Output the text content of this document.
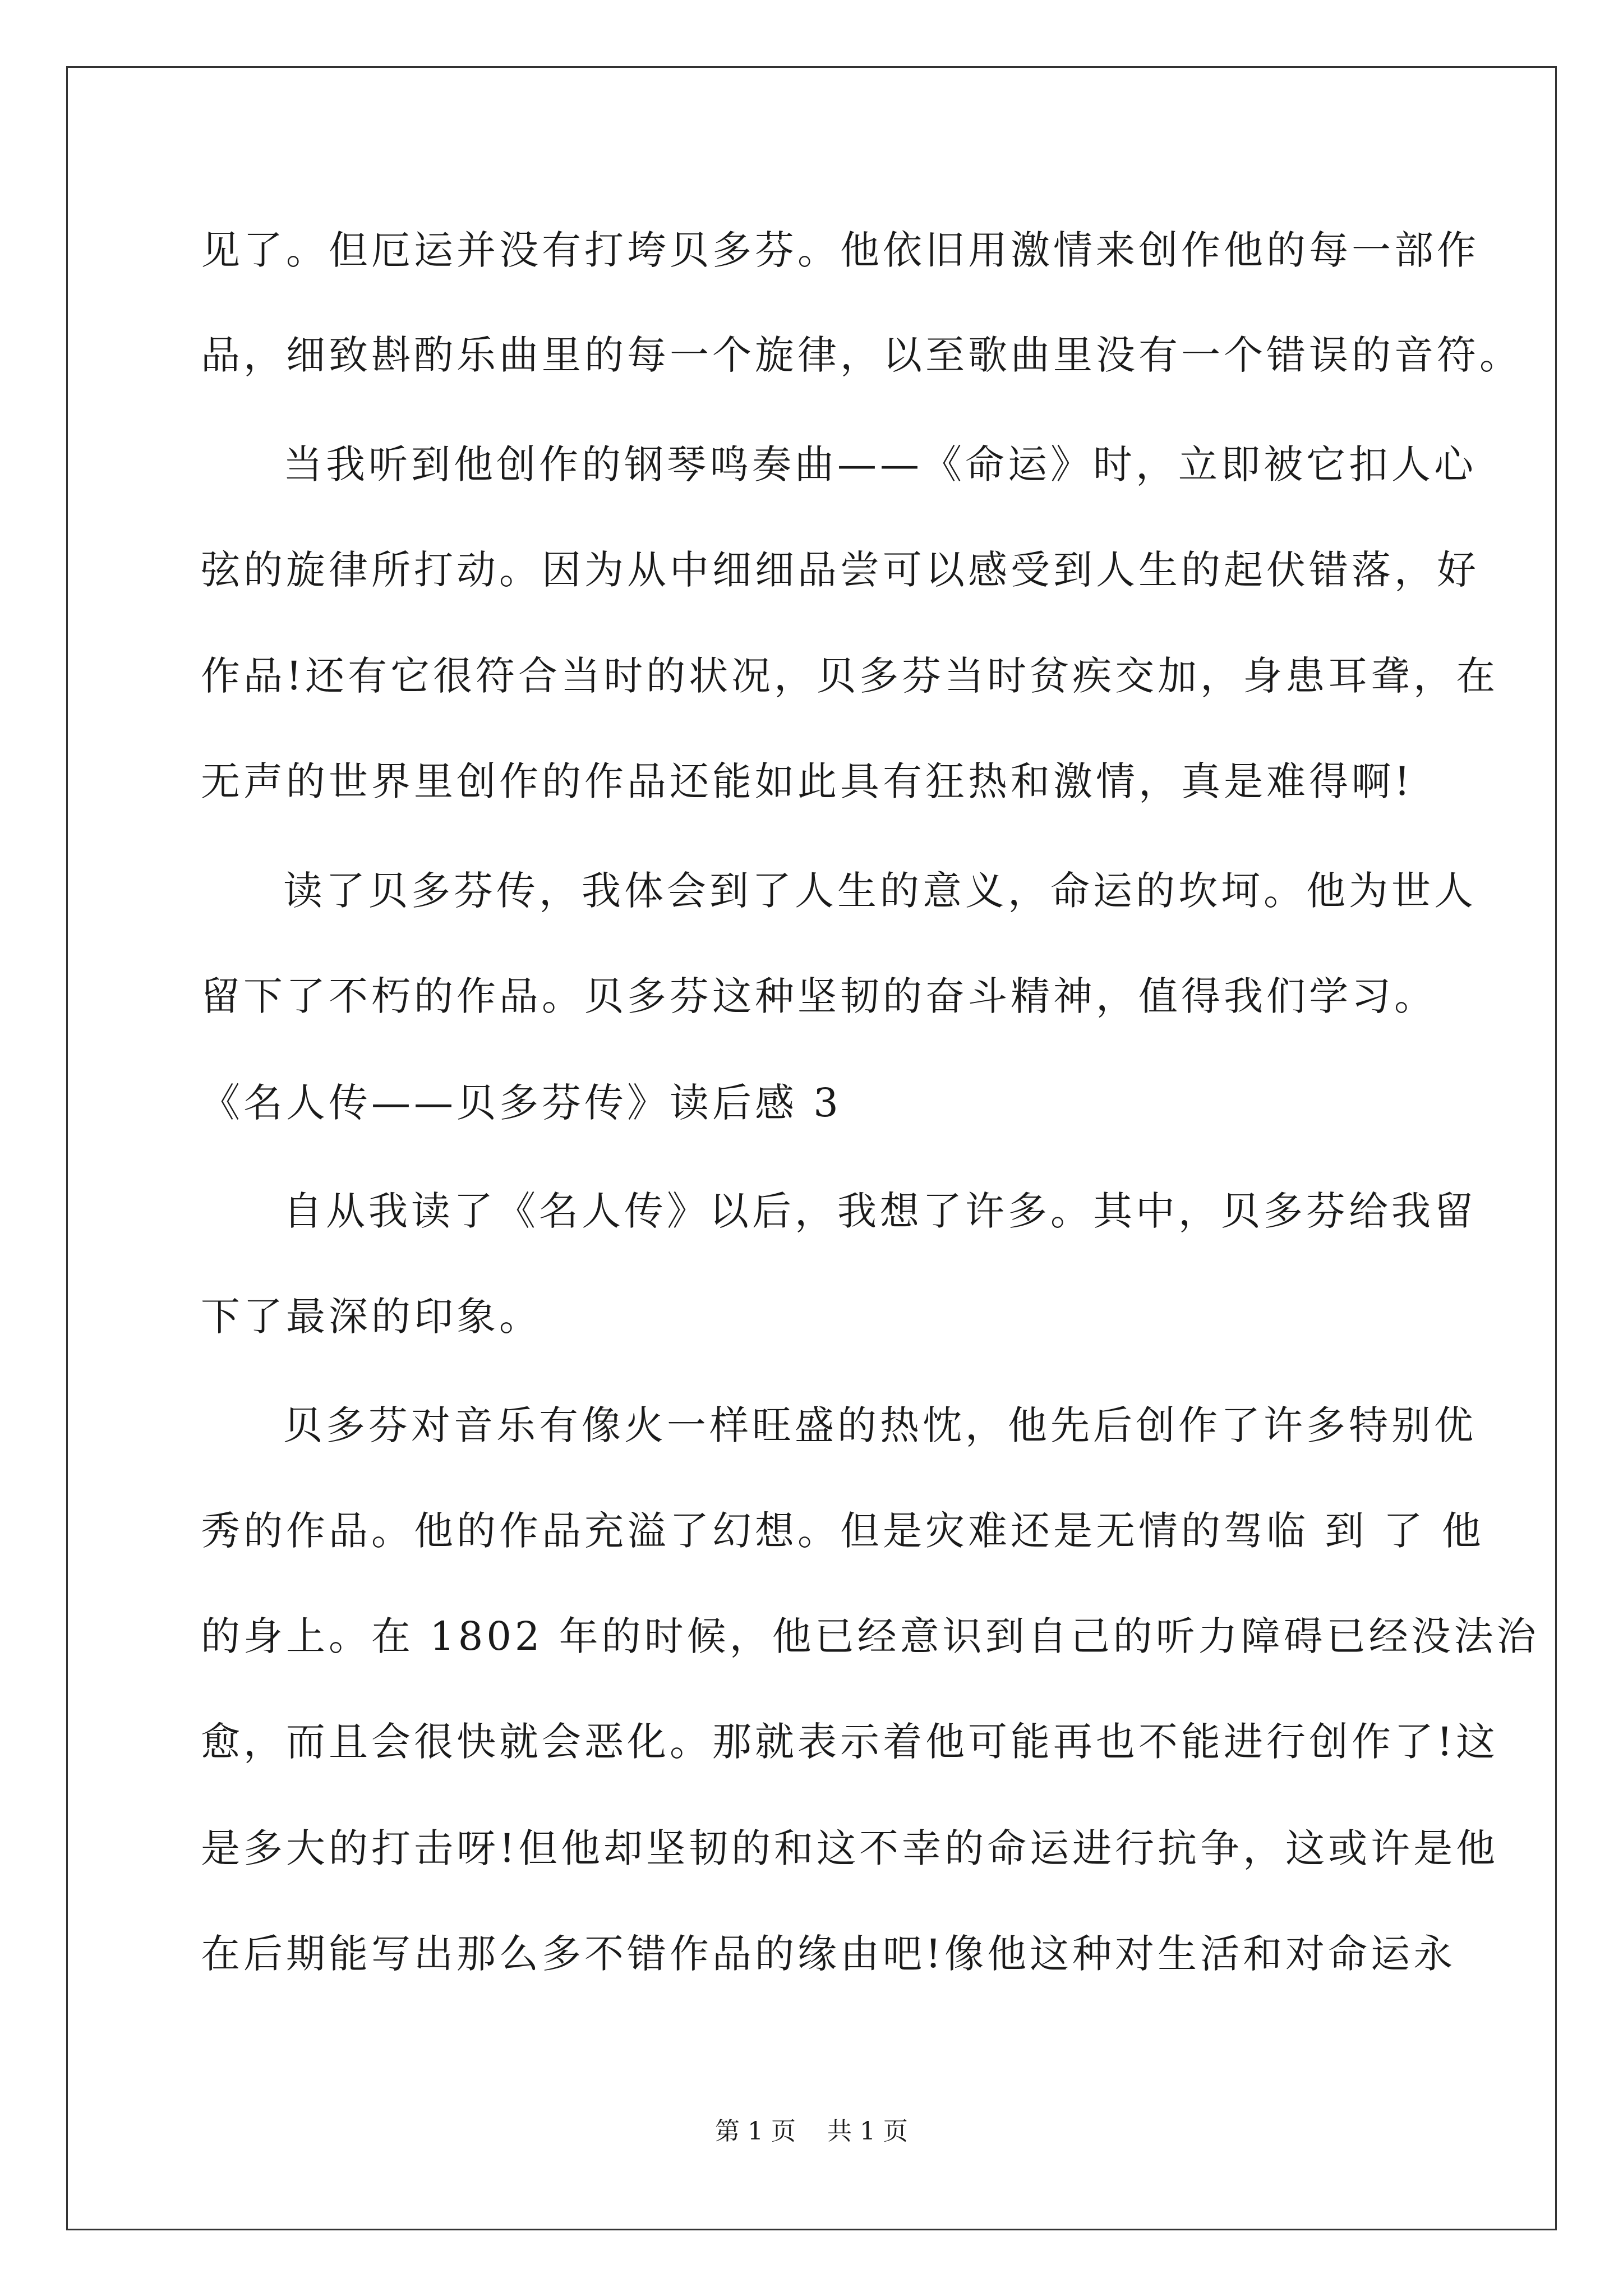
见了。但厄运并没有打垮贝多芬。他依旧用激情来创作他的每一部作
品，细致斟酌乐曲里的每一个旋律，以至歌曲里没有一个错误的音符。
当我听到他创作的钢琴鸣奏曲——《命运》时，立即被它扣人心
弦的旋律所打动。因为从中细细品尝可以感受到人生的起伏错落，好
作品!还有它很符合当时的状况，贝多芬当时贫疾交加，身患耳聋，在
无声的世界里创作的作品还能如此具有狂热和激情，真是难得啊!
读了贝多芬传，我体会到了人生的意义，命运的坎坷。他为世人
留下了不朽的作品。贝多芬这种坚韧的奋斗精神，值得我们学习。
《名人传——贝多芬传》读后感 3
自从我读了《名人传》以后，我想了许多。其中，贝多芬给我留
下了最深的印象。
贝多芬对音乐有像火一样旺盛的热忱，他先后创作了许多特别优
秀的作品。他的作品充溢了幻想。但是灾难还是无情的驾临 到 了 他
的身上。在 1802 年的时候，他已经意识到自己的听力障碍已经没法治
愈，而且会很快就会恶化。那就表示着他可能再也不能进行创作了!这
是多大的打击呀!但他却坚韧的和这不幸的命运进行抗争，这或许是他
在后期能写出那么多不错作品的缘由吧!像他这种对生活和对命运永
第 1 页    共 1 页
